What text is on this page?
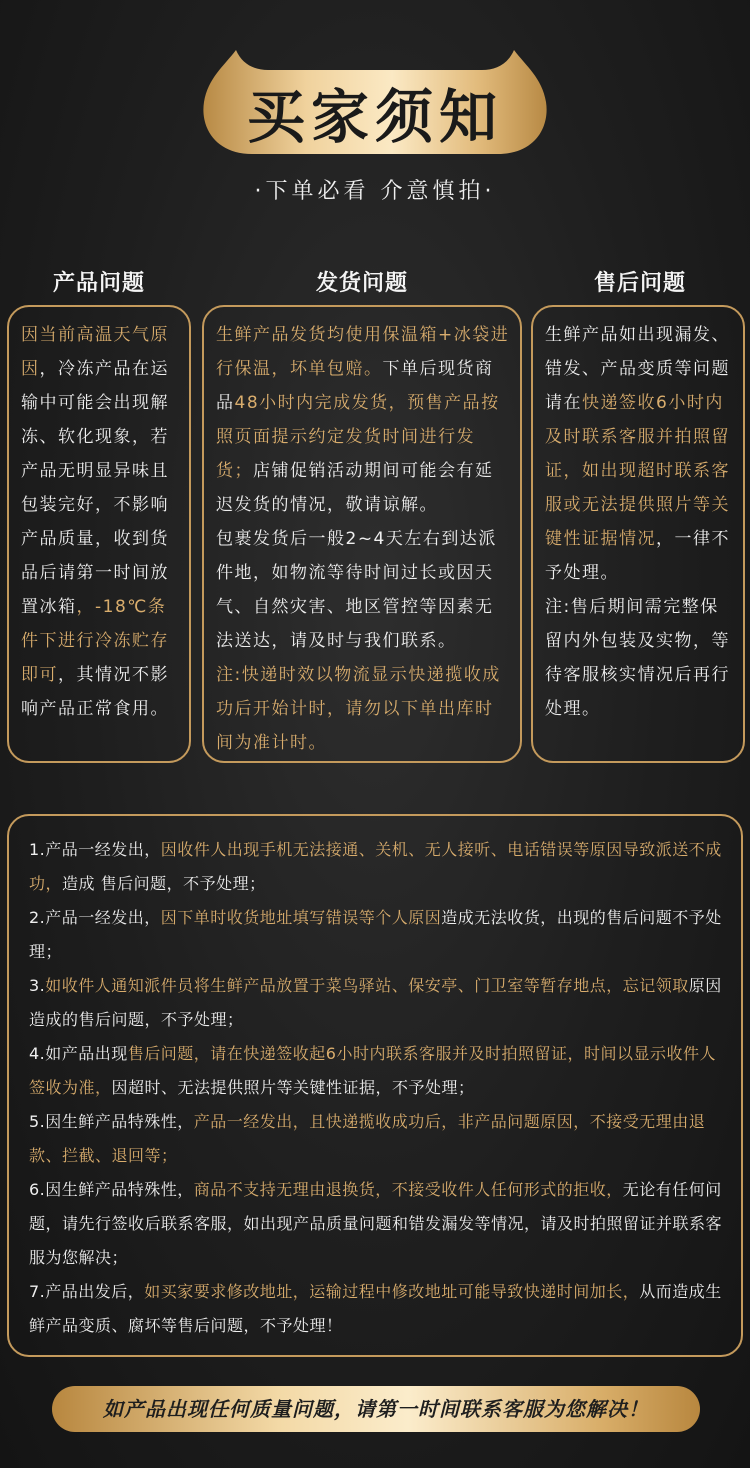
买家须知
·下单必看 介意慎拍·
产品问题	发货问题	售后问题

因当前高温天气原因，冷冻产品在运输中可能会出现解冻、软化现象，若产品无明显异味且包装完好，不影响产品质量，收到货品后请第一时间放置冰箱，-18℃条件下进行冷冻贮存即可，其情况不影响产品正常食用。

生鲜产品发货均使用保温箱+冰袋进行保温，坏单包赔。下单后现货商品48小时内完成发货，预售产品按照页面提示约定发货时间进行发货；店铺促销活动期间可能会有延迟发货的情况，敬请谅解。

包裹发货后一般2~4天左右到达派件地，如物流等待时间过长或因天气、自然灾害、地区管控等因素无法送达，请及时与我们联系。

注:快递时效以物流显示快递揽收成功后开始计时，请勿以下单出库时间为准计时。

生鲜产品如出现漏发、错发、产品变质等问题请在快递签收6小时内及时联系客服并拍照留证，如出现超时联系客服或无法提供照片等关键性证据情况，一律不予处理。

注:售后期间需完整保留内外包装及实物，等待客服核实情况后再行处理。

1.产品一经发出，因收件人出现手机无法接通、关机、无人接听、电话错误等原因导致派送不成功，造成 售后问题，不予处理；

2.产品一经发出，因下单时收货地址填写错误等个人原因造成无法收货，出现的售后问题不予处理；

3.如收件人通知派件员将生鲜产品放置于菜鸟驿站、保安亭、门卫室等暂存地点，忘记领取原因造成的售后问题，不予处理；

4.如产品出现售后问题，请在快递签收起6小时内联系客服并及时拍照留证，时间以显示收件人签收为准，因超时、无法提供照片等关键性证据，不予处理；

5.因生鲜产品特殊性，产品一经发出，且快递揽收成功后，非产品问题原因，不接受无理由退款、拦截、退回等；

6.因生鲜产品特殊性，商品不支持无理由退换货，不接受收件人任何形式的拒收，无论有任何问题，请先行签收后联系客服，如出现产品质量问题和错发漏发等情况，请及时拍照留证并联系客服为您解决；

7.产品出发后，如买家要求修改地址，运输过程中修改地址可能导致快递时间加长，从而造成生鲜产品变质、腐坏等售后问题，不予处理！

如产品出现任何质量问题，请第一时间联系客服为您解决！
